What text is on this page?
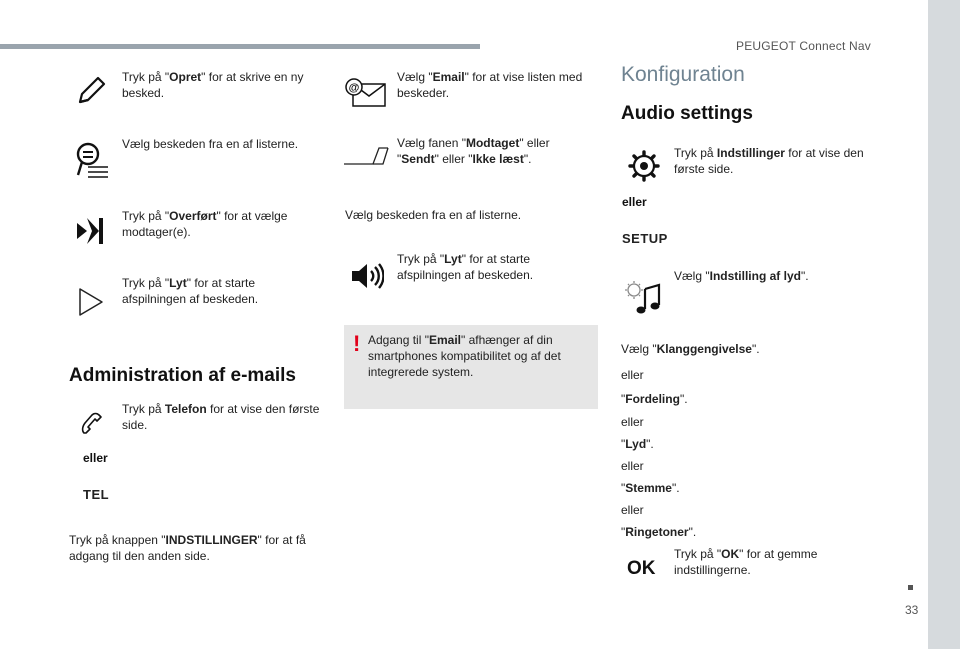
PEUGEOT Connect Nav
33
Tryk på "Opret" for at skrive en ny besked.
Vælg beskeden fra en af listerne.
Tryk på "Overført" for at vælge modtager(e).
Tryk på "Lyt" for at starte afspilningen af beskeden.
Administration af e-mails
Tryk på Telefon for at vise den første side.
eller
TEL
Tryk på knappen "INDSTILLINGER" for at få adgang til den anden side.
@
Vælg "Email" for at vise listen med beskeder.
Vælg fanen "Modtaget" eller "Sendt" eller "Ikke læst".
Vælg beskeden fra en af listerne.
Tryk på "Lyt" for at starte afspilningen af beskeden.
! Adgang til "Email" afhænger af din smartphones kompatibilitet og af det integrerede system.
Konfiguration
Audio settings
Tryk på Indstillinger for at vise den første side.
eller
SETUP
Vælg "Indstilling af lyd".
Vælg "Klanggengivelse".
eller
"Fordeling".
eller
"Lyd".
eller
"Stemme".
eller
"Ringetoner".
OK
Tryk på "OK" for at gemme indstillingerne.
